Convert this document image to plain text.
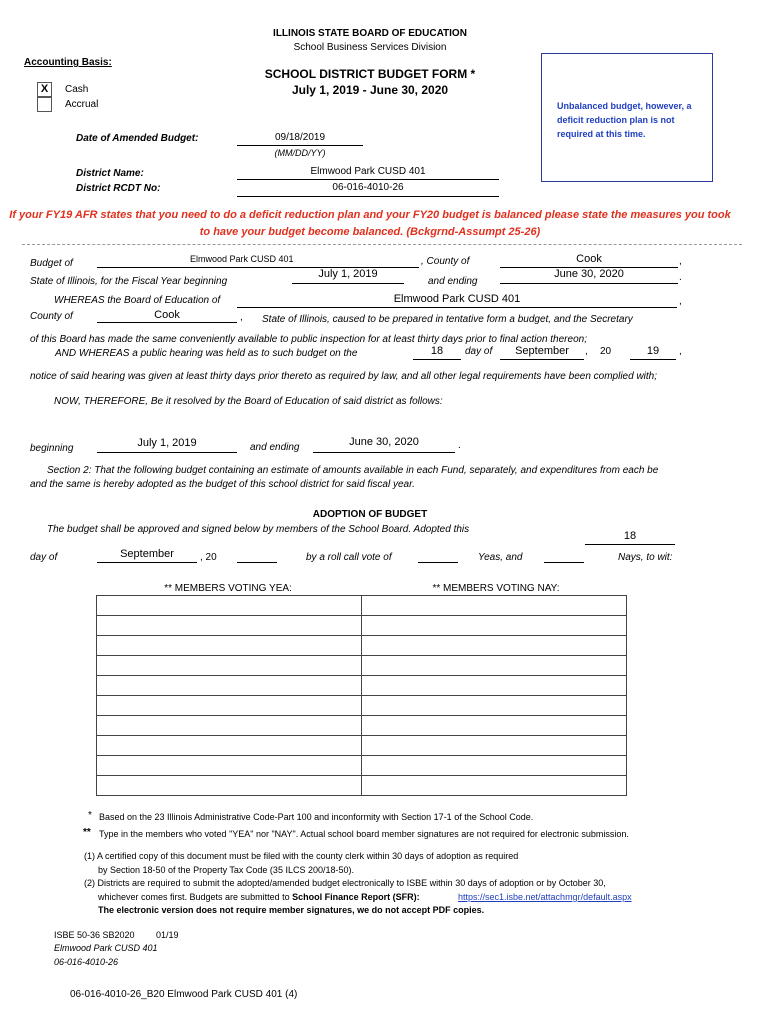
ILLINOIS STATE BOARD OF EDUCATION
School Business Services Division
Accounting Basis:
SCHOOL DISTRICT BUDGET FORM *
July 1, 2019 - June 30, 2020
X	Cash
Accrual	Unbalanced budget, however, a deficit reduction plan is not required at this time.
Date of Amended Budget:	09/18/2019
(MM/DD/YY)
District Name:	Elmwood Park CUSD 401
District RCDT No:	06-016-4010-26
If your FY19 AFR states that you need to do a deficit reduction plan and your FY20 budget is balanced please state the measures you took
to have your budget become balanced. (Bckgrnd-Assumpt 25-26)
Budget of	Elmwood Park CUSD 401	, County of	Cook	,
State of Illinois, for the Fiscal Year beginning
July 1, 2019
and ending
June 30, 2020	.
WHEREAS the Board of Education of	Elmwood Park CUSD 401	,
County of	Cook	, State of Illinois, caused to be prepared in tentative form a budget, and the Secretary
of this Board has made the same conveniently available to public inspection for at least thirty days prior to final action thereon;
AND WHEREAS a public hearing was held as to such budget on the	18	day of	September	, 20	19	,
notice of said hearing was given at least thirty days prior thereto as required by law, and all other legal requirements have been complied with;
NOW, THEREFORE, Be it resolved by the Board of Education of said district as follows:
beginning	July 1, 2019	and ending	June 30, 2020	.
Section 2: That the following budget containing an estimate of amounts available in each Fund, separately, and expenditures from each be
and the same is hereby adopted as the budget of this school district for said fiscal year.
ADOPTION OF BUDGET
The budget shall be approved and signed below by members of the School Board. Adopted this
18
day of	September	, 20	by a roll call vote of	Yeas, and	Nays, to wit:
** MEMBERS VOTING YEA:	** MEMBERS VOTING NAY:

* Based on the 23 Illinois Administrative Code-Part 100 and inconformity with Section 17-1 of the School Code.
** Type in the members who voted "YEA" nor "NAY". Actual school board member signatures are not required for electronic submission.
(1) A certified copy of this document must be filed with the county clerk within 30 days of adoption as required
by Section 18-50 of the Property Tax Code (35 ILCS 200/18-50).
(2) Districts are required to submit the adopted/amended budget electronically to ISBE within 30 days of adoption or by October 30,
whichever comes first. Budgets are submitted to School Finance Report (SFR):	https://sec1.isbe.net/attachmgr/default.aspx
The electronic version does not require member signatures, we do not accept PDF copies.
ISBE 50-36 SB2020 01/19
Elmwood Park CUSD 401
06-016-4010-26
06-016-4010-26_B20 Elmwood Park CUSD 401 (4)
